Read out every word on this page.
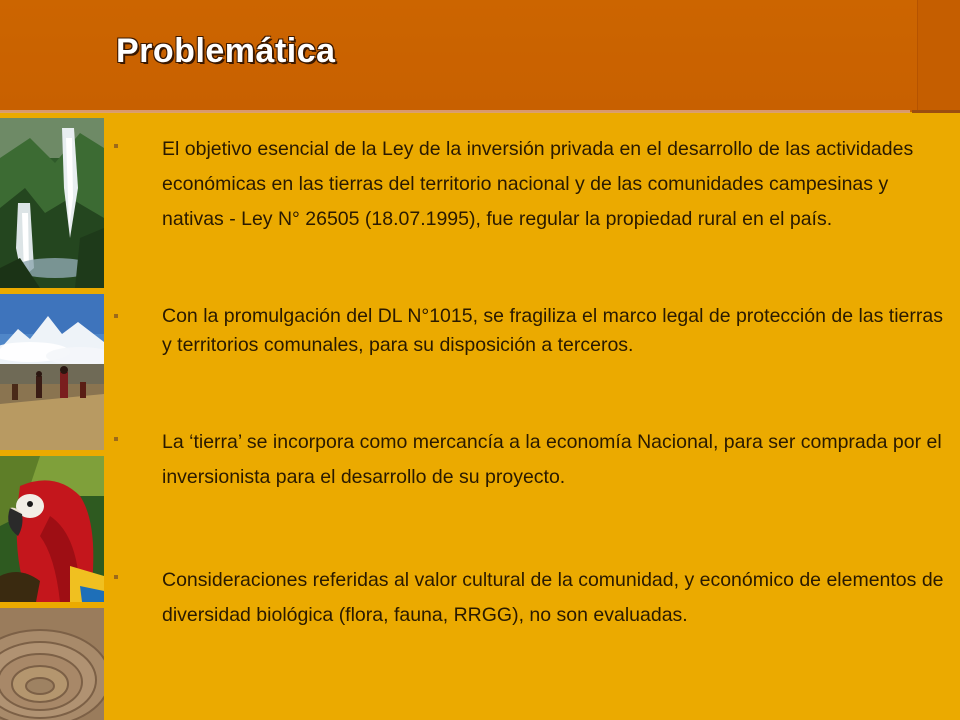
Problemática
El objetivo esencial de la Ley de la inversión privada en el desarrollo de las actividades económicas en las tierras del territorio nacional y de las comunidades campesinas y nativas - Ley N° 26505 (18.07.1995), fue regular la propiedad rural en el país.
Con la promulgación del DL N°1015, se fragiliza el marco legal de protección de las tierras y territorios comunales, para su disposición a terceros.
La ‘tierra’ se incorpora como mercancía a la economía Nacional, para ser comprada por el inversionista para el desarrollo de su proyecto.
Consideraciones referidas al valor cultural de la comunidad, y económico de elementos de diversidad biológica (flora, fauna, RRGG), no son evaluadas.
